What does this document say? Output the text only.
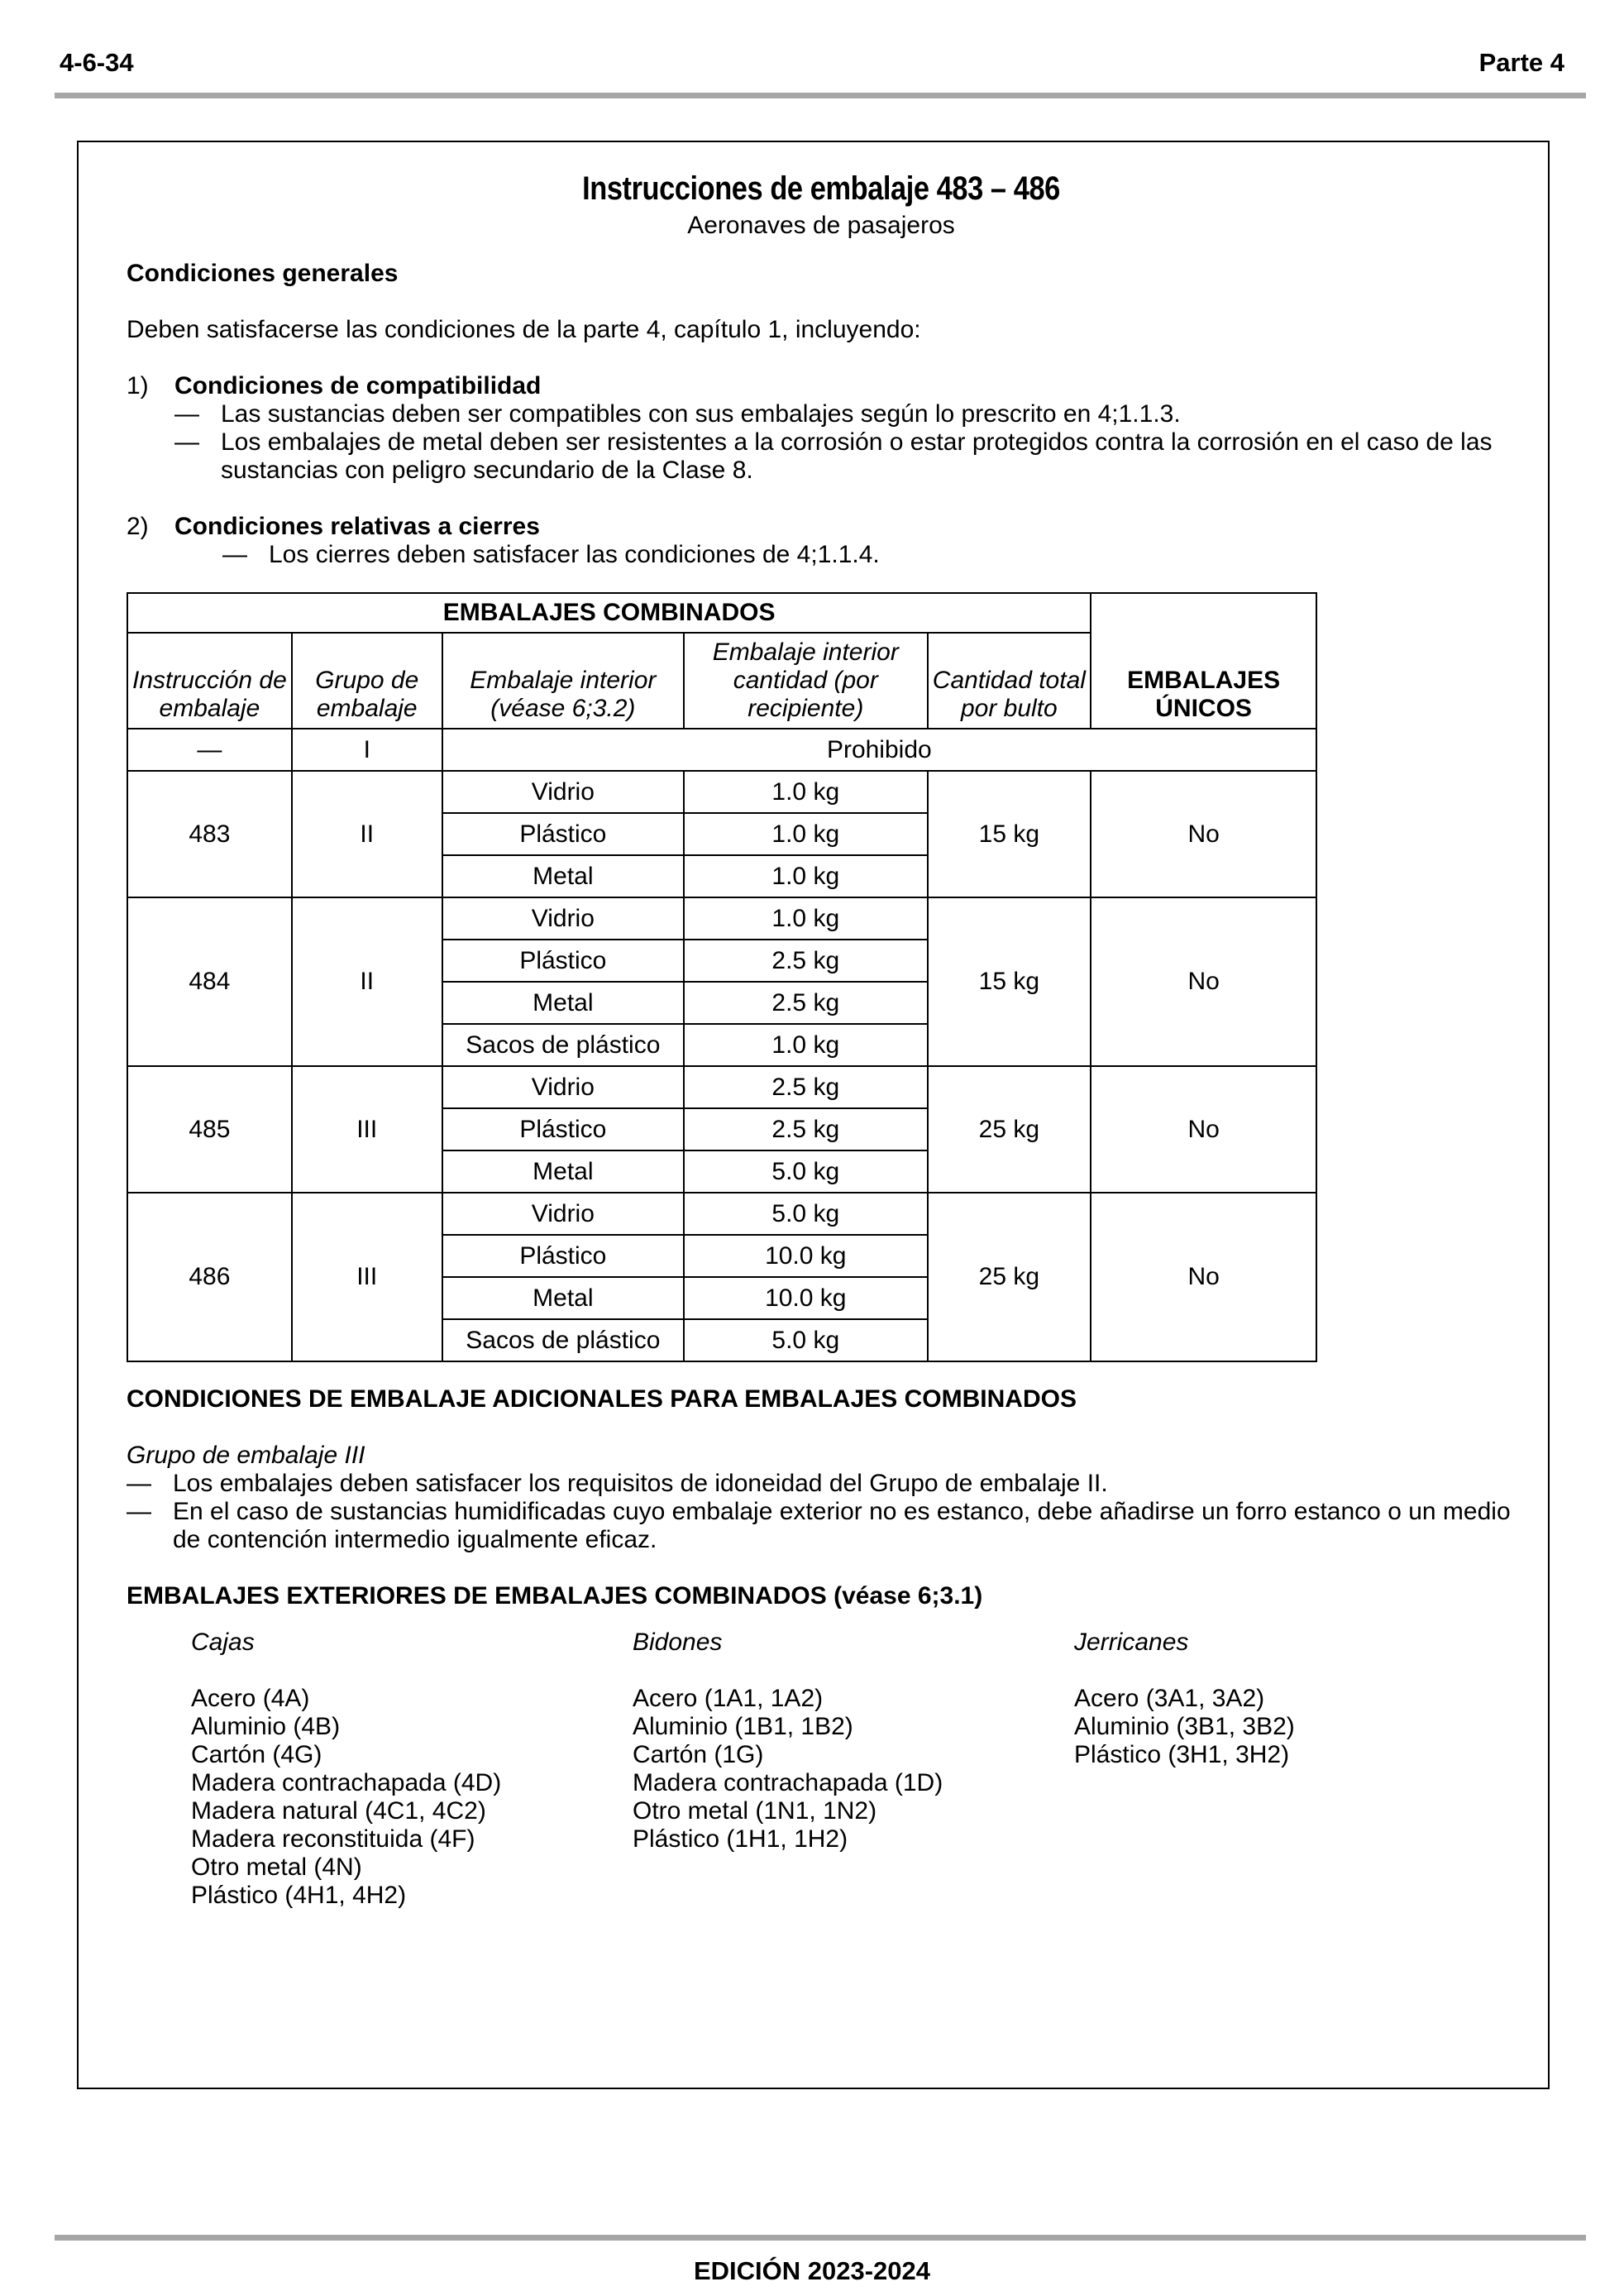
4-6-34	Parte 4
Instrucciones de embalaje 483 – 486
Aeronaves de pasajeros

Condiciones generales

Deben satisfacerse las condiciones de la parte 4, capítulo 1, incluyendo:

1)	Condiciones de compatibilidad
— Las sustancias deben ser compatibles con sus embalajes según lo prescrito en 4;1.1.3.
— Los embalajes de metal deben ser resistentes a la corrosión o estar protegidos contra la corrosión en el caso de las sustancias con peligro secundario de la Clase 8.
2)	Condiciones relativas a cierres
— Los cierres deben satisfacer las condiciones de 4;1.1.4.
EMBALAJES COMBINADOS					EMBALAJES ÚNICOS
Instrucción de embalaje	Grupo de embalaje	Embalaje interior (véase 6;3.2)	Embalaje interior cantidad (por recipiente)	Cantidad total por bulto	
—	I	Prohibido			
483	II	Vidrio	1.0 kg	15 kg	No
		Plástico	1.0 kg		
		Metal	1.0 kg		
484	II	Vidrio	1.0 kg	15 kg	No
		Plástico	2.5 kg		
		Metal	2.5 kg		
		Sacos de plástico	1.0 kg		
485	III	Vidrio	2.5 kg	25 kg	No
		Plástico	2.5 kg		
		Metal	5.0 kg		
486	III	Vidrio	5.0 kg	25 kg	No
		Plástico	10.0 kg		
		Metal	10.0 kg		
		Sacos de plástico	5.0 kg		

CONDICIONES DE EMBALAJE ADICIONALES PARA EMBALAJES COMBINADOS

Grupo de embalaje III

— Los embalajes deben satisfacer los requisitos de idoneidad del Grupo de embalaje II.
— En el caso de sustancias humidificadas cuyo embalaje exterior no es estanco, debe añadirse un forro estanco o un medio de contención intermedio igualmente eficaz.

EMBALAJES EXTERIORES DE EMBALAJES COMBINADOS (véase 6;3.1)

Cajas
Acero (4A)
Aluminio (4B)
Cartón (4G)
Madera contrachapada (4D)
Madera natural (4C1, 4C2)
Madera reconstituida (4F)
Otro metal (4N)
Plástico (4H1, 4H2)
Bidones
Acero (1A1, 1A2)
Aluminio (1B1, 1B2)
Cartón (1G)
Madera contrachapada (1D)
Otro metal (1N1, 1N2)
Plástico (1H1, 1H2)
Jerricanes
Acero (3A1, 3A2)
Aluminio (3B1, 3B2)
Plástico (3H1, 3H2)
EDICIÓN 2023-2024
